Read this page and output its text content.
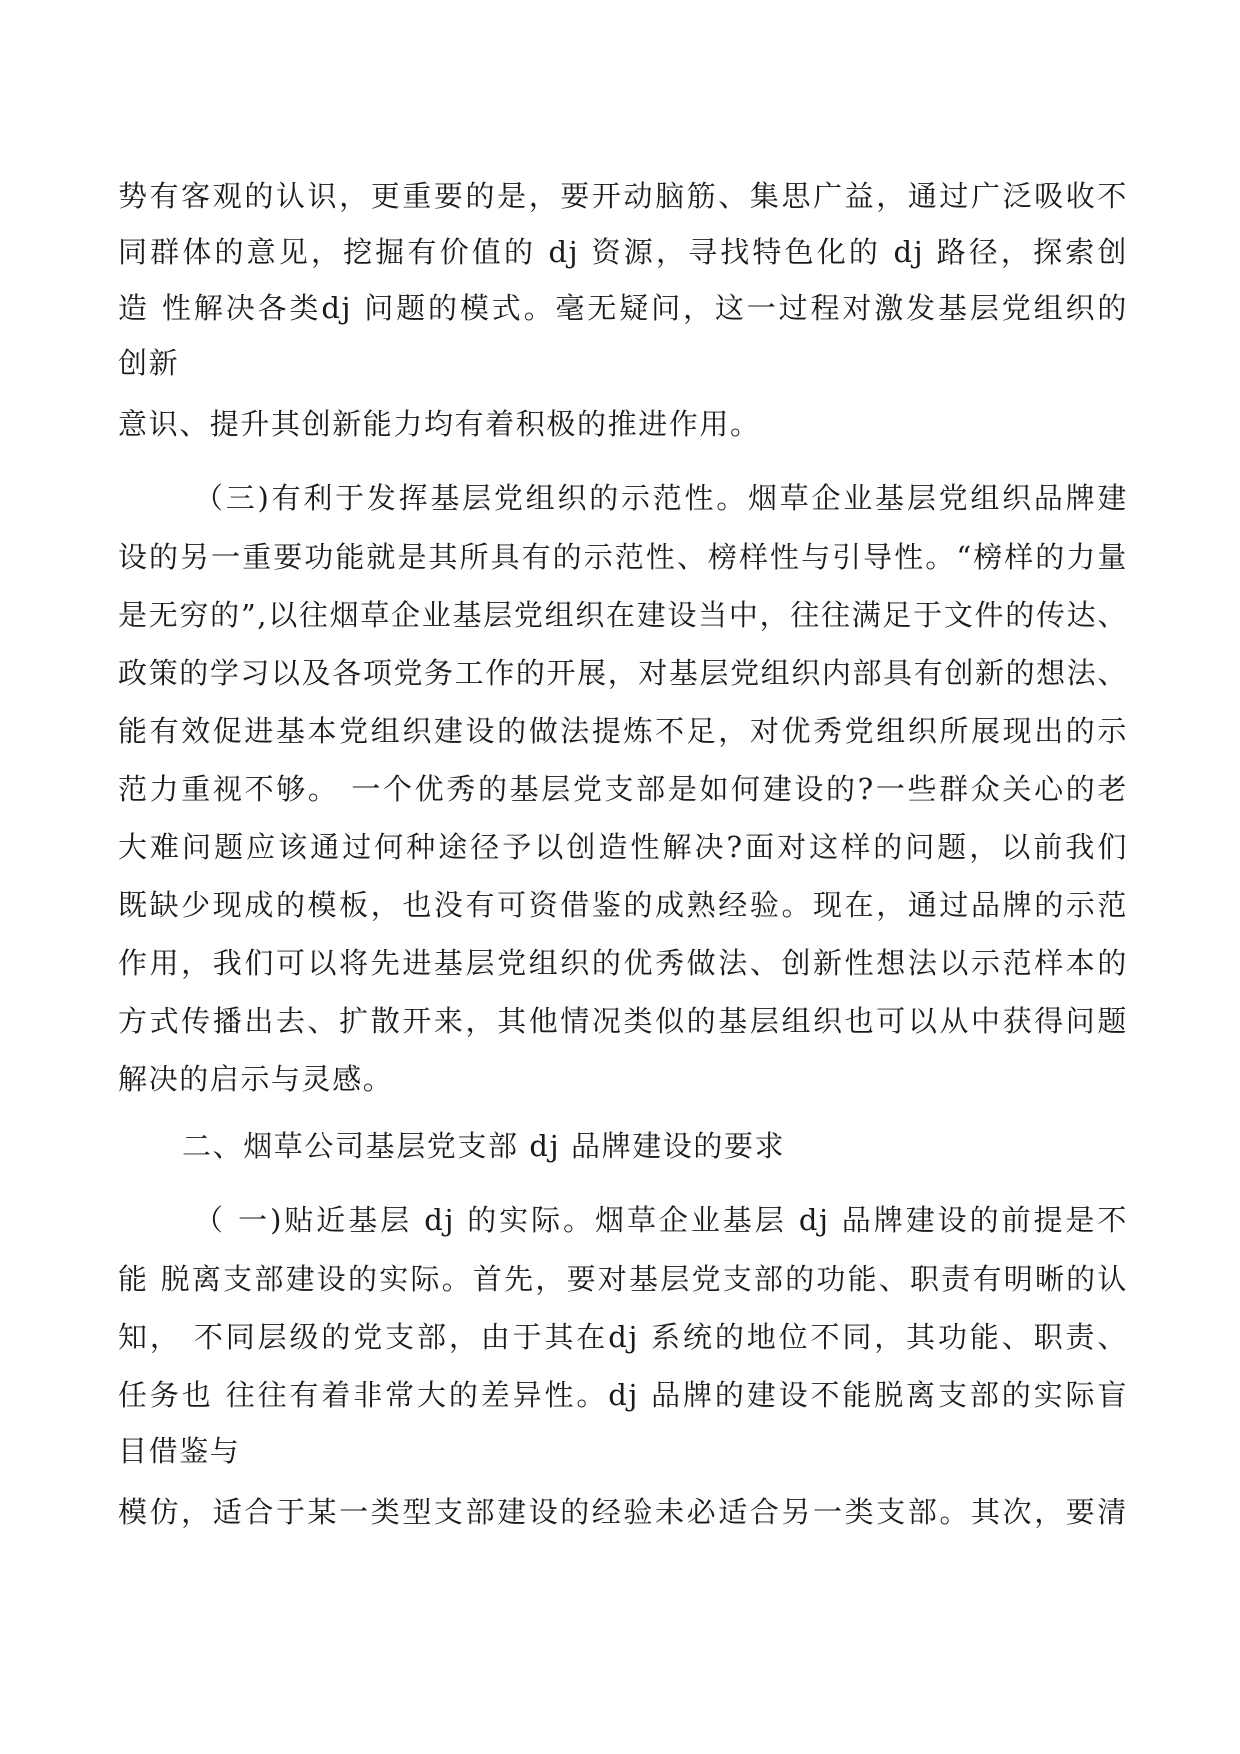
势有客观的认识，更重要的是，要开动脑筋、集思广益，通过广泛吸收不
同群体的意见，挖掘有价值的 dj 资源，寻找特色化的 dj 路径，探索创
造 性解决各类dj 问题的模式。毫无疑问，这一过程对激发基层党组织的
创新
意识、提升其创新能力均有着积极的推进作用。
（三)有利于发挥基层党组织的示范性。烟草企业基层党组织品牌建
设的另一重要功能就是其所具有的示范性、榜样性与引导性。“榜样的力量
是无穷的”,以往烟草企业基层党组织在建设当中，往往满足于文件的传达、
政策的学习以及各项党务工作的开展，对基层党组织内部具有创新的想法、
能有效促进基本党组织建设的做法提炼不足，对优秀党组织所展现出的示
范力重视不够。 一个优秀的基层党支部是如何建设的?一些群众关心的老
大难问题应该通过何种途径予以创造性解决?面对这样的问题，以前我们
既缺少现成的模板，也没有可资借鉴的成熟经验。现在，通过品牌的示范
作用，我们可以将先进基层党组织的优秀做法、创新性想法以示范样本的
方式传播出去、扩散开来，其他情况类似的基层组织也可以从中获得问题
解决的启示与灵感。
二、烟草公司基层党支部 dj 品牌建设的要求
（ 一)贴近基层 dj 的实际。烟草企业基层 dj 品牌建设的前提是不
能 脱离支部建设的实际。首先，要对基层党支部的功能、职责有明晰的认
知， 不同层级的党支部，由于其在dj 系统的地位不同，其功能、职责、
任务也 往往有着非常大的差异性。dj 品牌的建设不能脱离支部的实际盲
目借鉴与
模仿，适合于某一类型支部建设的经验未必适合另一类支部。其次，要清
